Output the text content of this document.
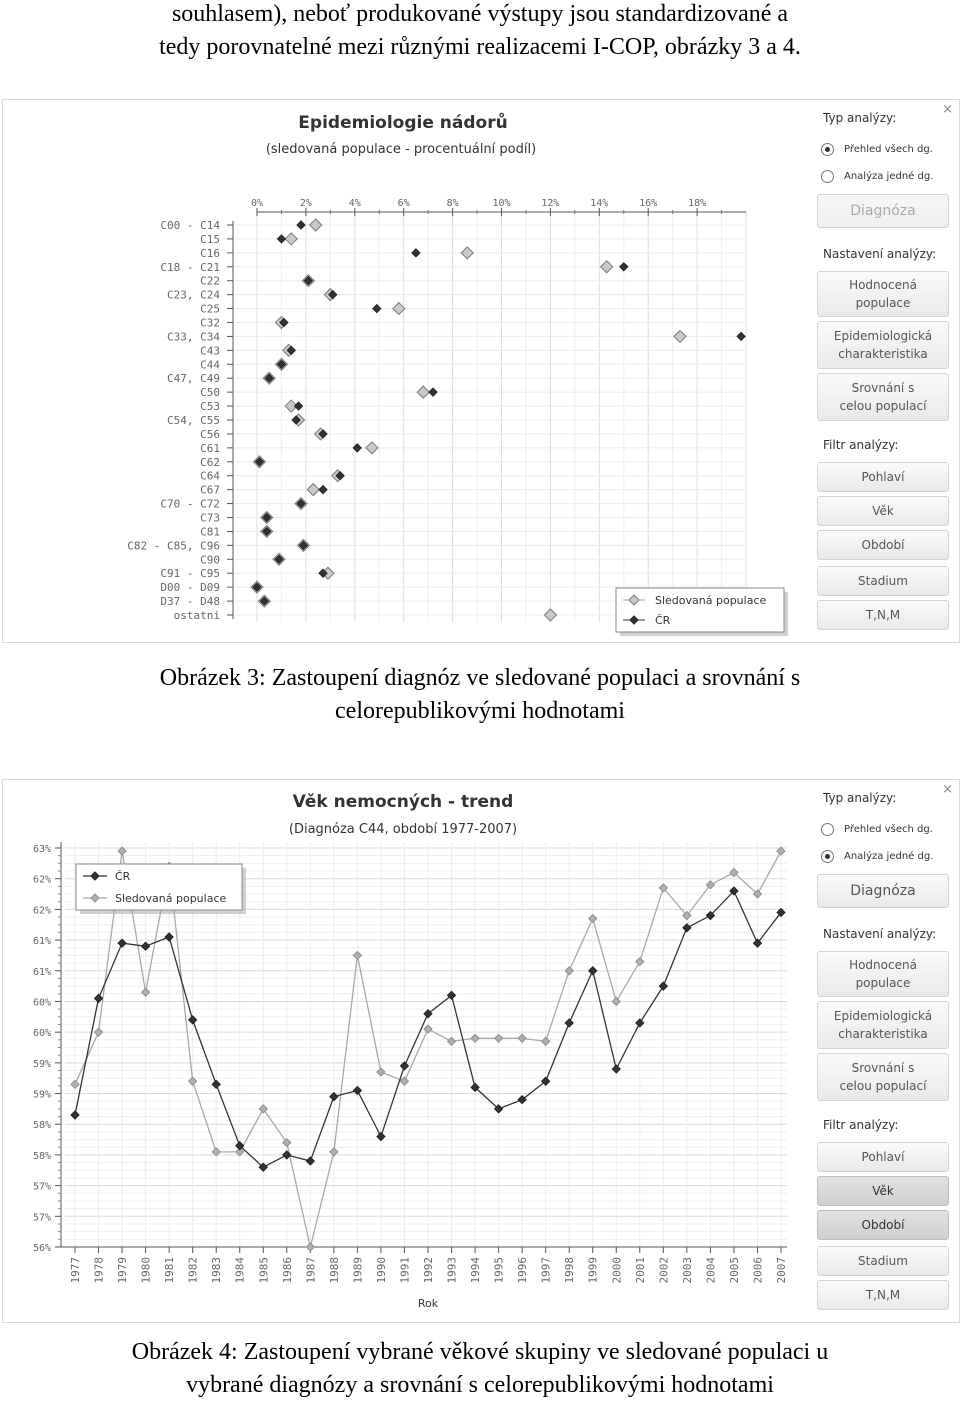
souhlasem), neboť produkované výstupy jsou standardizované a
tedy porovnatelné mezi různými realizacemi I-COP, obrázky 3 a 4.
×
Epidemiologie nádorů
(sledovaná populace - procentuální podíl)
0%	2%	4%	6%	8%	10%	12%	14%	16%	18%
C00 - C14
C15
C16
C18 - C21
C22
C23, C24
C25
C32
C33, C34
C43
C44
C47, C49
C50
C53
C54, C55
C56
C61
C62
C64
C67
C70 - C72
C73
C81
C82 - C85, C96
C90
C91 - C95
D00 - D09
D37 - D48
ostatni
Sledovaná populace
ČR
Typ analýzy:
Přehled všech dg.
Analýza jedné dg.
Diagnóza
Nastavení analýzy:
Hodnocená
populace
Epidemiologická
charakteristika
Srovnání s
celou populací
Filtr analýzy:
Pohlaví
Věk
Období
Stadium
T,N,M
Obrázek 3: Zastoupení diagnóz ve sledované populaci a srovnání s
celorepublikovými hodnotami
×
Věk nemocných - trend
(Diagnóza C44, období 1977-2007)
63%
62%
62%
61%
61%
60%
60%
59%
59%
58%
58%
57%
57%
56%
1977 1978 1979 1980 1981 1982 1983 1984 1985 1986 1987 1988 1989 1990 1991 1992 1993 1994 1995 1996 1997 1998 1999 2000 2001 2002 2003 2004 2005 2006 2007
ČR
Sledovaná populace
Rok
Typ analýzy:
Přehled všech dg.
Analýza jedné dg.
Diagnóza
Nastavení analýzy:
Hodnocená
populace
Epidemiologická
charakteristika
Srovnání s
celou populací
Filtr analýzy:
Pohlaví
Věk
Období
Stadium
T,N,M
Obrázek 4: Zastoupení vybrané věkové skupiny ve sledované populaci u
vybrané diagnózy a srovnání s celorepublikovými hodnotami
